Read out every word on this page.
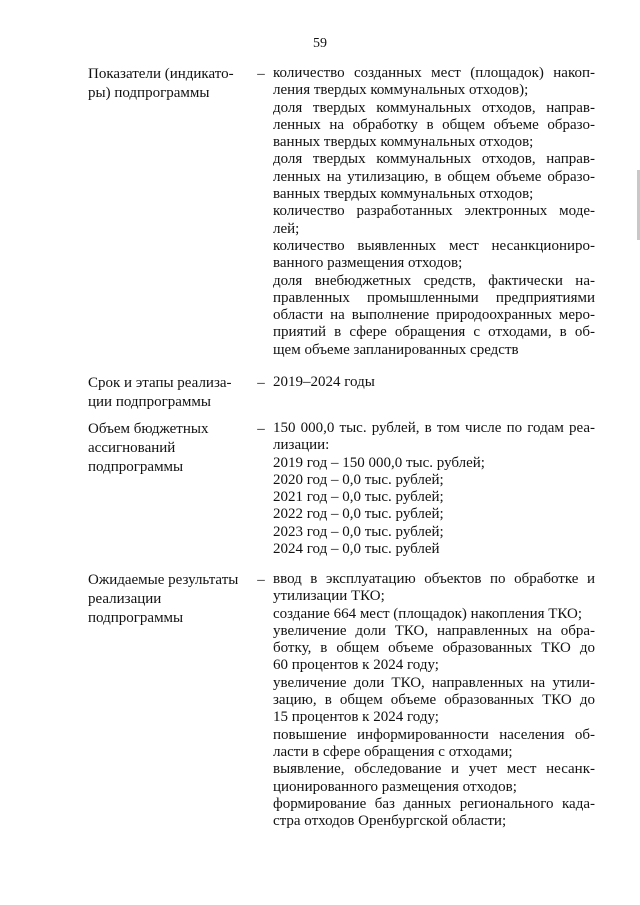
59
Показатели (индикато-
ры) подпрограммы
– количество созданных мест (площадок) накоп-
ления твердых коммунальных отходов);
доля твердых коммунальных отходов, направ-
ленных на обработку в общем объеме образо-
ванных твердых коммунальных отходов;
доля твердых коммунальных отходов, направ-
ленных на утилизацию, в общем объеме образо-
ванных твердых коммунальных отходов;
количество разработанных электронных моде-
лей;
количество выявленных мест несанкциониро-
ванного размещения отходов;
доля внебюджетных средств, фактически на-
правленных промышленными предприятиями
области на выполнение природоохранных меро-
приятий в сфере обращения с отходами, в об-
щем объеме запланированных средств
Срок и этапы реализа-
ции подпрограммы
– 2019–2024 годы
Объем бюджетных
ассигнований
подпрограммы
– 150 000,0 тыс. рублей, в том числе по годам реа-
лизации:
2019 год – 150 000,0 тыс. рублей;
2020 год – 0,0 тыс. рублей;
2021 год – 0,0 тыс. рублей;
2022 год – 0,0 тыс. рублей;
2023 год – 0,0 тыс. рублей;
2024 год – 0,0 тыс. рублей
Ожидаемые результаты
реализации
подпрограммы
– ввод в эксплуатацию объектов по обработке и
утилизации ТКО;
создание 664 мест (площадок) накопления ТКО;
увеличение доли ТКО, направленных на обра-
ботку, в общем объеме образованных ТКО до
60 процентов к 2024 году;
увеличение доли ТКО, направленных на утили-
зацию, в общем объеме образованных ТКО до
15 процентов к 2024 году;
повышение информированности населения об-
ласти в сфере обращения с отходами;
выявление, обследование и учет мест несанк-
ционированного размещения отходов;
формирование баз данных регионального када-
стра отходов Оренбургской области;
